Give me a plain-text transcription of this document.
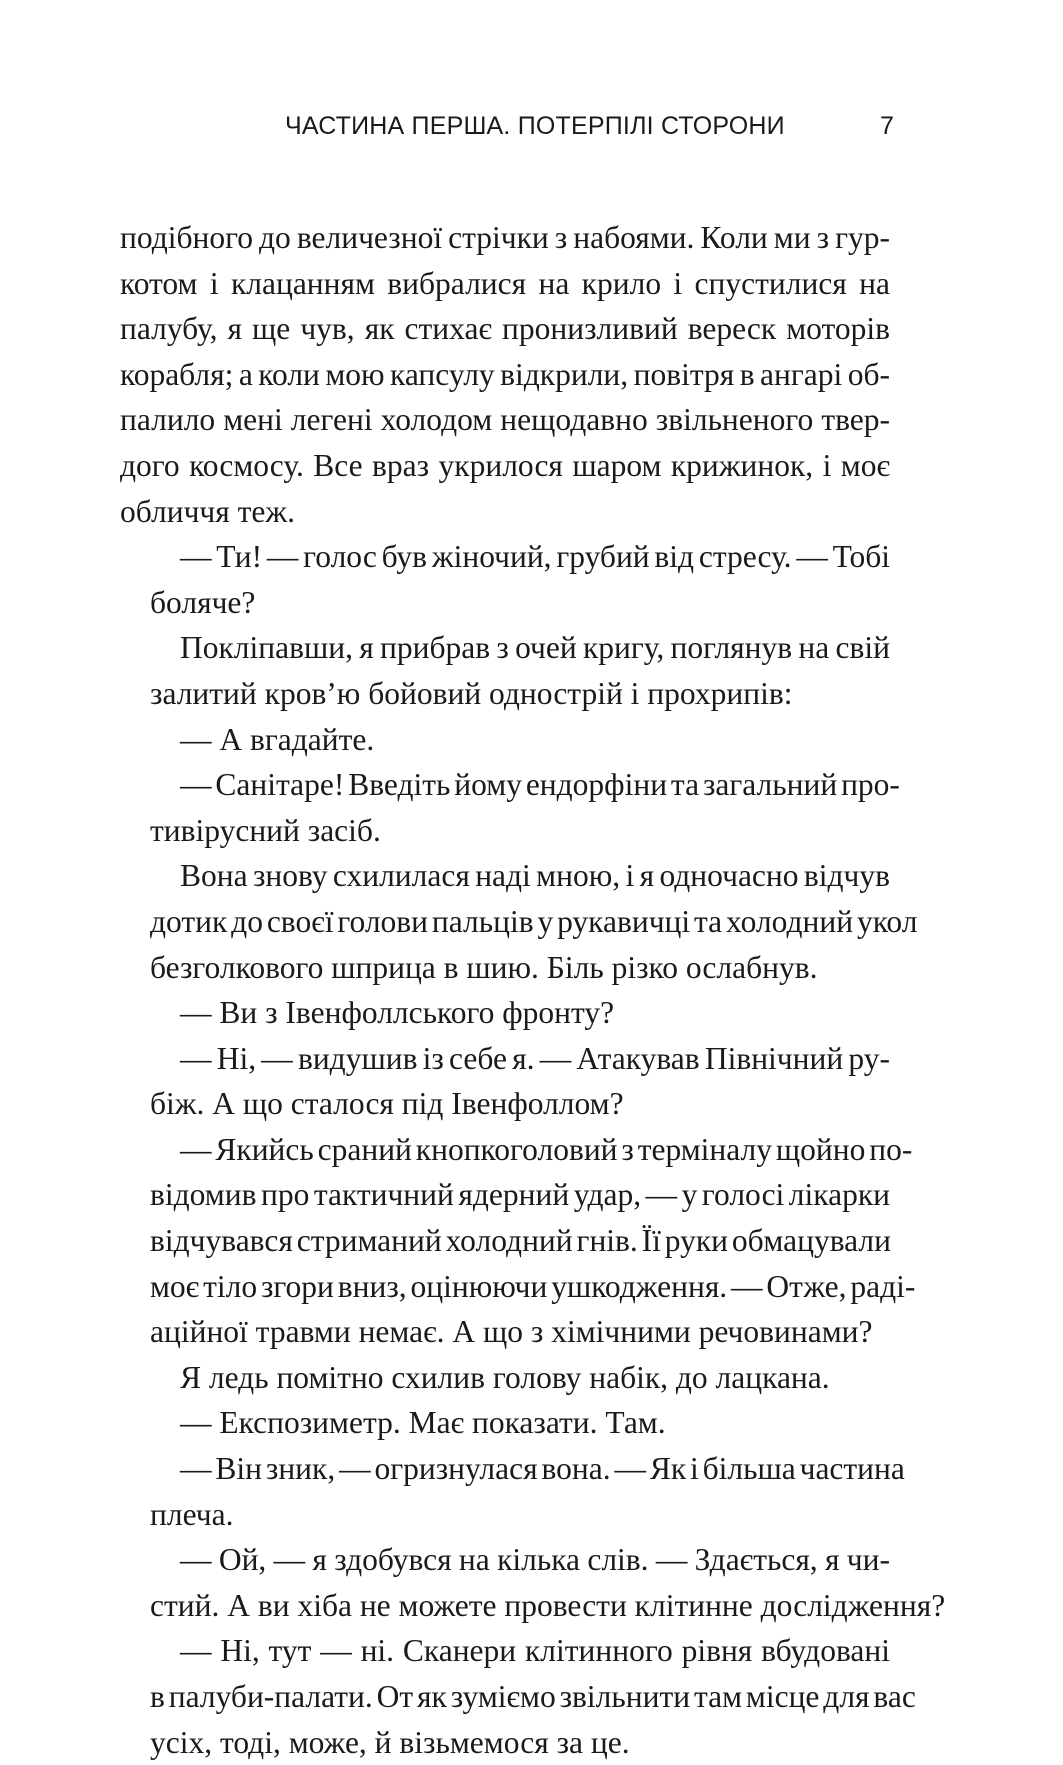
ЧАСТИНА ПЕРША. ПОТЕРПІЛІ СТОРОНИ	7
подібного до величезної стрічки з набоями. Коли ми з гур-
котом і клацанням вибралися на крило і спустилися на
палубу, я ще чув, як стихає пронизливий вереск моторів
корабля; а коли мою капсулу відкрили, повітря в ангарі об-
палило мені легені холодом нещодавно звільненого твер-
дого космосу. Все враз укрилося шаром крижинок, і моє
обличчя теж.
— Ти! — голос був жіночий, грубий від стресу. — Тобі
боляче?
Покліпавши, я прибрав з очей кригу, поглянув на свій
залитий кров’ю бойовий однострій і прохрипів:
— А вгадайте.
— Санітаре! Введіть йому ендорфіни та загальний про-
тивірусний засіб.
Вона знову схилилася наді мною, і я одночасно відчув
дотик до своєї голови пальців у рукавичці та холодний укол
безголкового шприца в шию. Біль різко ослабнув.
— Ви з Івенфоллського фронту?
— Ні, — видушив із себе я. — Атакував Північний ру-
біж. А що сталося під Івенфоллом?
— Якийсь сраний кнопкоголовий з терміналу щойно по-
відомив про тактичний ядерний удар, — у голосі лікарки
відчувався стриманий холодний гнів. Її руки обмацували
моє тіло згори вниз, оцінюючи ушкодження. — Отже, раді-
аційної травми немає. А що з хімічними речовинами?
Я ледь помітно схилив голову набік, до лацкана.
— Експозиметр. Має показати. Там.
— Він зник, — огризнулася вона. — Як і більша частина
плеча.
— Ой, — я здобувся на кілька слів. — Здається, я чи-
стий. А ви хіба не можете провести клітинне дослідження?
— Ні, тут — ні. Сканери клітинного рівня вбудовані
в палуби-палати. От як зуміємо звільнити там місце для вас
усіх, тоді, може, й візьмемося за це.
